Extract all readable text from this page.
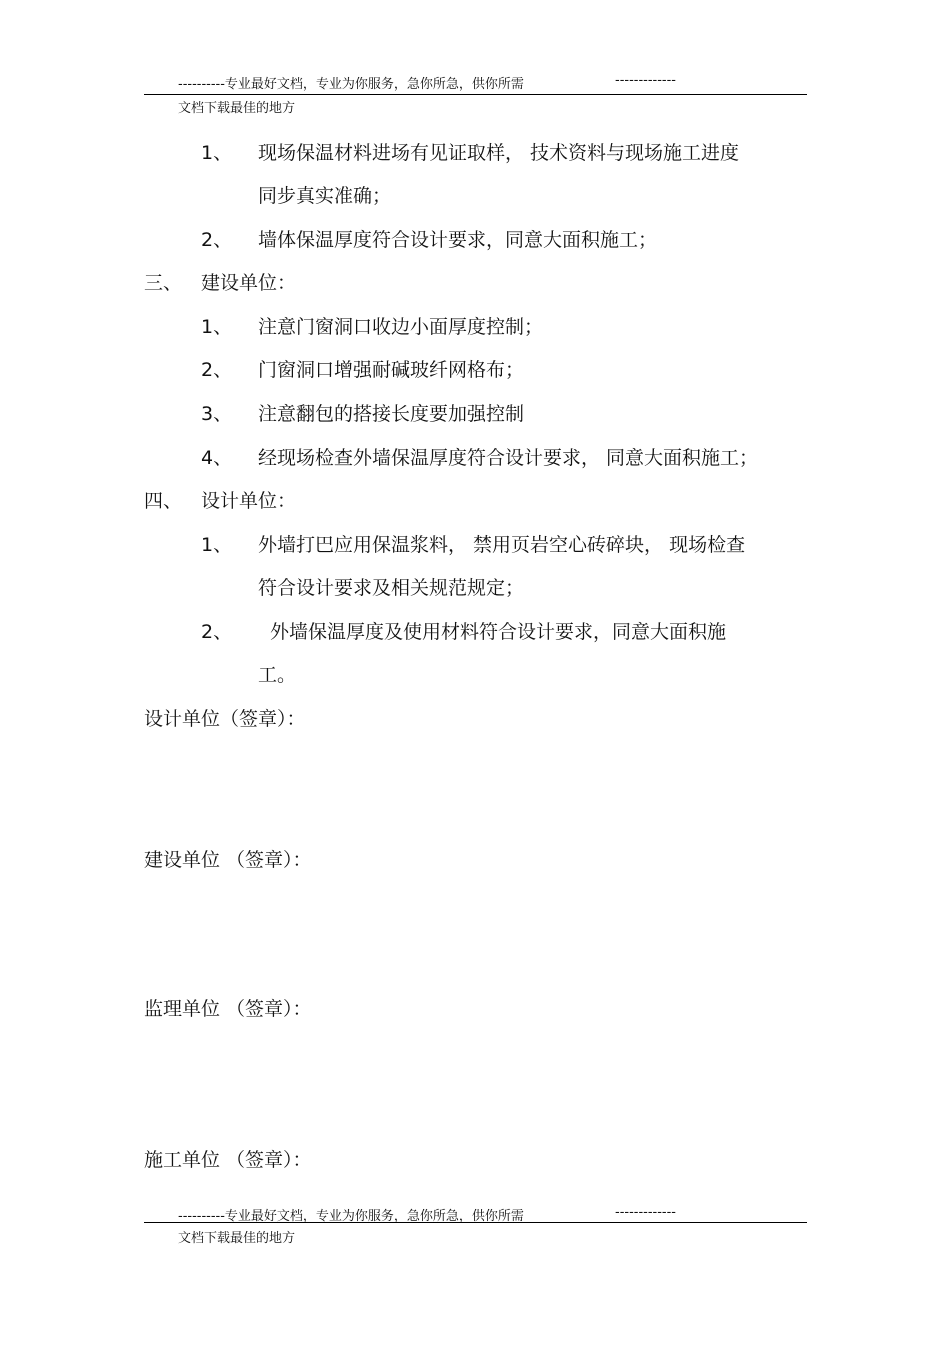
----------专业最好文档，专业为你服务，急你所急，供你所需	-------------
文档下载最佳的地方
1、 现场保温材料进场有见证取样， 技术资料与现场施工进度
同步真实准确；
2、 墙体保温厚度符合设计要求，同意大面积施工；
三、 建设单位：
1、 注意门窗洞口收边小面厚度控制；
2、 门窗洞口增强耐碱玻纤网格布；
3、 注意翻包的搭接长度要加强控制
4、 经现场检查外墙保温厚度符合设计要求， 同意大面积施工；
四、 设计单位：
1、 外墙打巴应用保温浆料， 禁用页岩空心砖碎块， 现场检查
符合设计要求及相关规范规定；
2、 外墙保温厚度及使用材料符合设计要求，同意大面积施
工。
设计单位（签章）：
建设单位 （签章）：
监理单位 （签章）：
施工单位 （签章）：
----------专业最好文档，专业为你服务，急你所急，供你所需	-------------
文档下载最佳的地方
